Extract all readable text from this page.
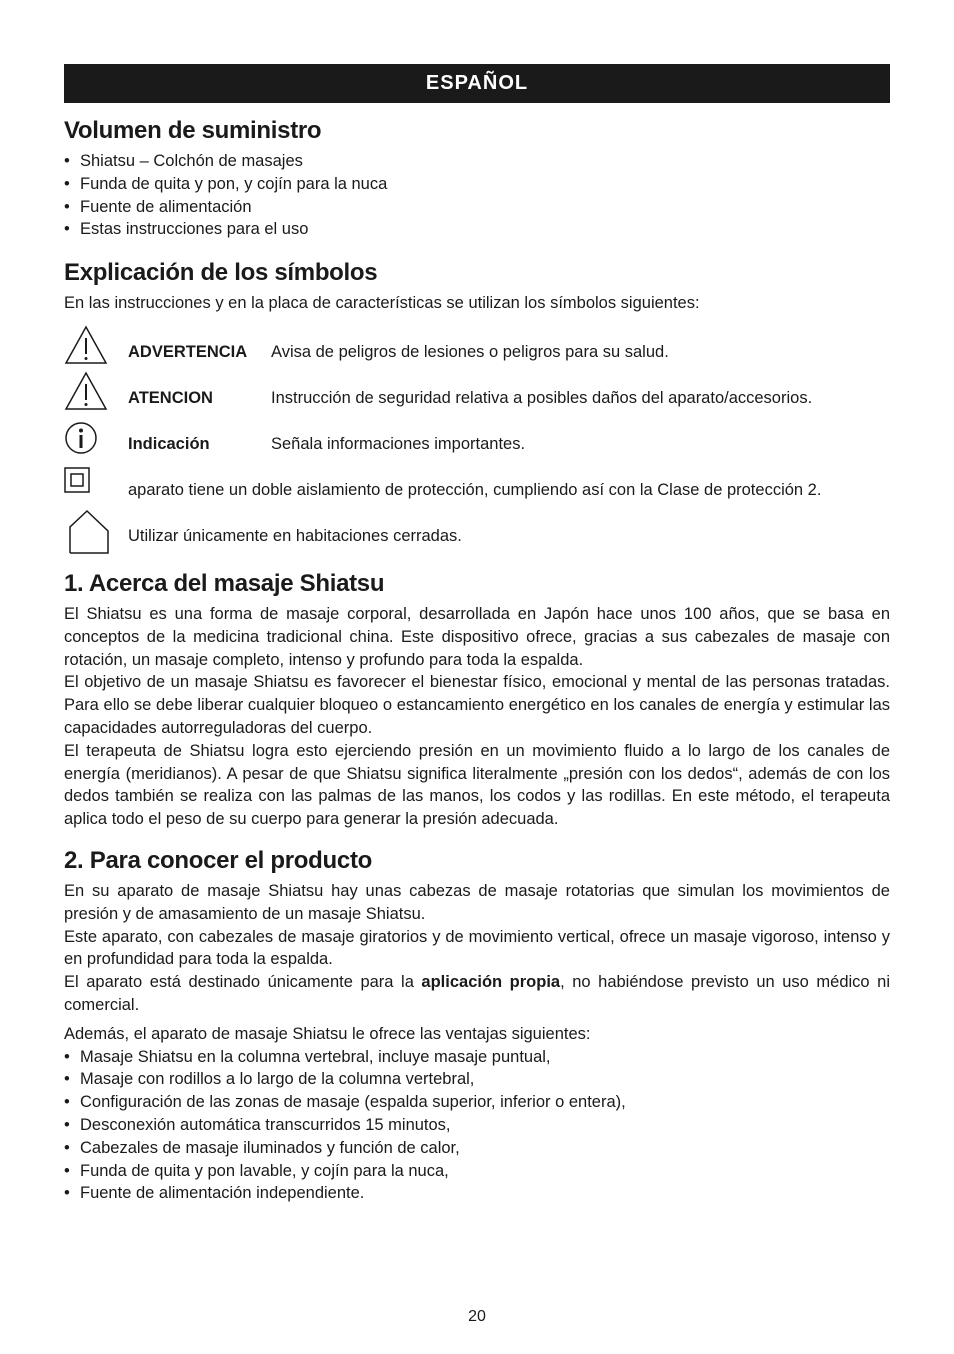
ESPAÑOL
Volumen de suministro
• Shiatsu – Colchón de masajes
• Funda de quita y pon, y cojín para la nuca
• Fuente de alimentación
• Estas instrucciones para el uso
Explicación de los símbolos

En las instrucciones y en la placa de características se utilizan los símbolos siguientes:

ADVERTENCIA Avisa de peligros de lesiones o peligros para su salud.
ATENCION	Instrucción de seguridad relativa a posibles daños del aparato/accesorios.
Indicación	Señala informaciones importantes.
aparato tiene un doble aislamiento de protección, cumpliendo así con la Clase de protección 2.
Utilizar únicamente en habitaciones cerradas.
1. Acerca del masaje Shiatsu

El Shiatsu es una forma de masaje corporal, desarrollada en Japón hace unos 100 años, que se basa en conceptos de la medicina tradicional china. Este dispositivo ofrece, gracias a sus cabezales de masaje con rotación, un masaje completo, intenso y profundo para toda la espalda.

El objetivo de un masaje Shiatsu es favorecer el bienestar físico, emocional y mental de las personas tratadas. Para ello se debe liberar cualquier bloqueo o estancamiento energético en los canales de energía y estimular las capacidades autorreguladoras del cuerpo.

El terapeuta de Shiatsu logra esto ejerciendo presión en un movimiento fluido a lo largo de los canales de energía (meridianos). A pesar de que Shiatsu significa literalmente „presión con los dedos“, además de con los dedos también se realiza con las palmas de las manos, los codos y las rodillas. En este método, el terapeuta aplica todo el peso de su cuerpo para generar la presión adecuada.

2. Para conocer el producto

En su aparato de masaje Shiatsu hay unas cabezas de masaje rotatorias que simulan los movimientos de presión y de amasamiento de un masaje Shiatsu.

Este aparato, con cabezales de masaje giratorios y de movimiento vertical, ofrece un masaje vigoroso, intenso y en profundidad para toda la espalda.

El aparato está destinado únicamente para la aplicación propia, no habiéndose previsto un uso médico ni comercial.

Además, el aparato de masaje Shiatsu le ofrece las ventajas siguientes:

• Masaje Shiatsu en la columna vertebral, incluye masaje puntual,
• Masaje con rodillos a lo largo de la columna vertebral,
• Configuración de las zonas de masaje (espalda superior, inferior o entera),
• Desconexión automática transcurridos 15 minutos,
• Cabezales de masaje iluminados y función de calor,
• Funda de quita y pon lavable, y cojín para la nuca,
• Fuente de alimentación independiente.
20
